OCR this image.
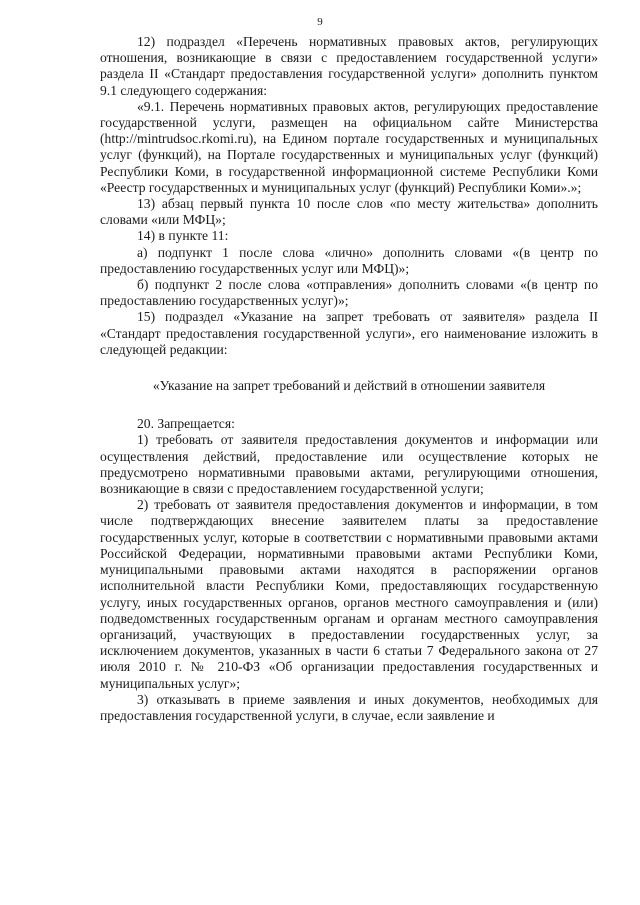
9

12) подраздел «Перечень нормативных правовых актов, регулирующих отношения, возникающие в связи с предоставлением государственной услуги» раздела II «Стандарт предоставления государственной услуги» дополнить пунктом 9.1 следующего содержания:

«9.1. Перечень нормативных правовых актов, регулирующих предоставление государственной услуги, размещен на официальном сайте Министерства (http://mintrudsoc.rkomi.ru), на Едином портале государственных и муниципальных услуг (функций), на Портале государственных и муниципальных услуг (функций) Республики Коми, в государственной информационной системе Республики Коми «Реестр государственных и муниципальных услуг (функций) Республики Коми».»;

13) абзац первый пункта 10 после слов «по месту жительства» дополнить словами «или МФЦ»;

14) в пункте 11:

а) подпункт 1 после слова «лично» дополнить словами «(в центр по предоставлению государственных услуг или МФЦ)»;

б) подпункт 2 после слова «отправления» дополнить словами «(в центр по предоставлению государственных услуг)»;

15) подраздел «Указание на запрет требовать от заявителя» раздела II «Стандарт предоставления государственной услуги», его наименование изложить в следующей редакции:

«Указание на запрет требований и действий в отношении заявителя

20. Запрещается:

1) требовать от заявителя предоставления документов и информации или осуществления действий, предоставление или осуществление которых не предусмотрено нормативными правовыми актами, регулирующими отношения, возникающие в связи с предоставлением государственной услуги;

2) требовать от заявителя предоставления документов и информации, в том числе подтверждающих внесение заявителем платы за предоставление государственных услуг, которые в соответствии с нормативными правовыми актами Российской Федерации, нормативными правовыми актами Республики Коми, муниципальными правовыми актами находятся в распоряжении органов исполнительной власти Республики Коми, предоставляющих государственную услугу, иных государственных органов, органов местного самоуправления и (или) подведомственных государственным органам и органам местного самоуправления организаций, участвующих в предоставлении государственных услуг, за исключением документов, указанных в части 6 статьи 7 Федерального закона от 27 июля 2010 г. № 210-ФЗ «Об организации предоставления государственных и муниципальных услуг»;

3) отказывать в приеме заявления и иных документов, необходимых для предоставления государственной услуги, в случае, если заявление и
